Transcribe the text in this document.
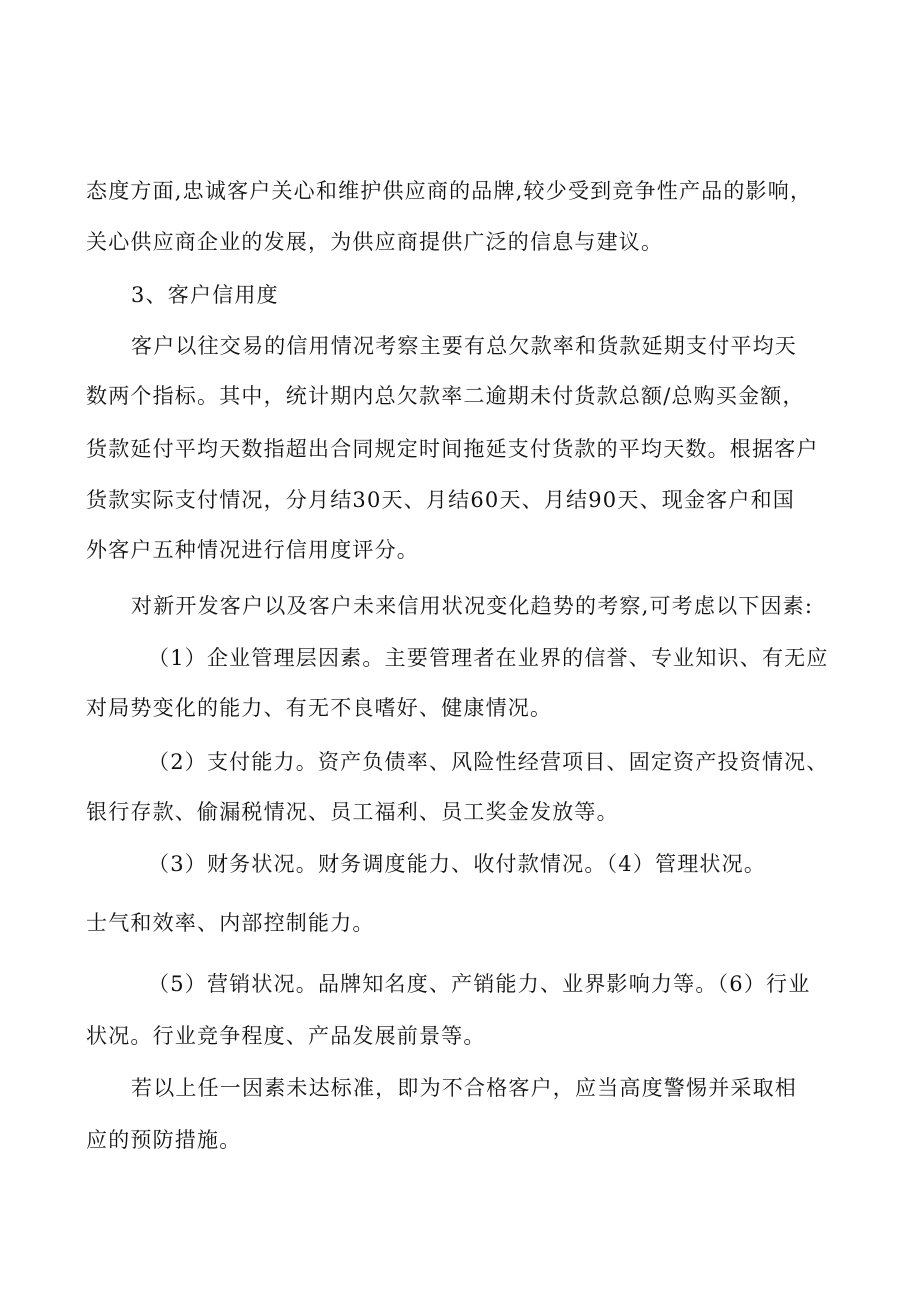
态度方面,忠诚客户关心和维护供应商的品牌,较少受到竞争性产品的影响，
关心供应商企业的发展，为供应商提供广泛的信息与建议。
3、客户信用度
客户以往交易的信用情况考察主要有总欠款率和货款延期支付平均天
数两个指标。其中，统计期内总欠款率二逾期未付货款总额/总购买金额，
货款延付平均天数指超出合同规定时间拖延支付货款的平均天数。根据客户
货款实际支付情况，分月结30天、月结60天、月结90天、现金客户和国
外客户五种情况进行信用度评分。
对新开发客户以及客户未来信用状况变化趋势的考察,可考虑以下因素:
（1）企业管理层因素。主要管理者在业界的信誉、专业知识、有无应
对局势变化的能力、有无不良嗜好、健康情况。
（2）支付能力。资产负债率、风险性经营项目、固定资产投资情况、
银行存款、偷漏税情况、员工福利、员工奖金发放等。
（3）财务状况。财务调度能力、收付款情况。（4）管理状况。
士气和效率、内部控制能力。
（5）营销状况。品牌知名度、产销能力、业界影响力等。（6）行业
状况。行业竞争程度、产品发展前景等。
若以上任一因素未达标准，即为不合格客户，应当高度警惕并采取相
应的预防措施。
